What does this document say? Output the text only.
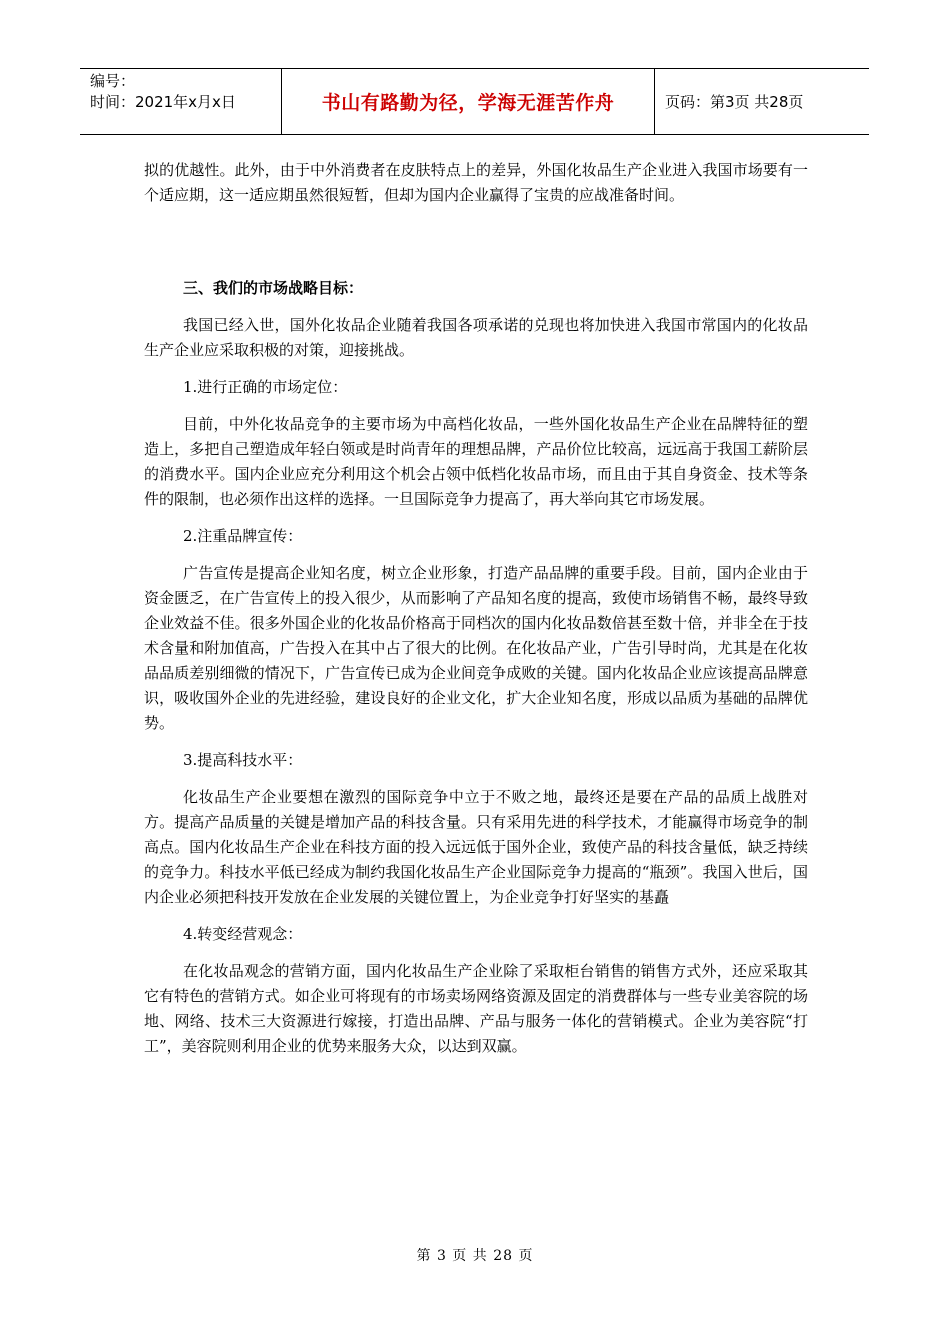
编号：
时间：2021年x月x日	书山有路勤为径，学海无涯苦作舟	页码：第3页 共28页

拟的优越性。此外，由于中外消费者在皮肤特点上的差异，外国化妆品生产企业进入我国市场要有一个适应期，这一适应期虽然很短暂，但却为国内企业赢得了宝贵的应战准备时间。

三、我们的市场战略目标：

我国已经入世，国外化妆品企业随着我国各项承诺的兑现也将加快进入我国市常国内的化妆品生产企业应采取积极的对策，迎接挑战。

1.进行正确的市场定位：

目前，中外化妆品竞争的主要市场为中高档化妆品，一些外国化妆品生产企业在品牌特征的塑造上，多把自己塑造成年轻白领或是时尚青年的理想品牌，产品价位比较高，远远高于我国工薪阶层的消费水平。国内企业应充分利用这个机会占领中低档化妆品市场，而且由于其自身资金、技术等条件的限制，也必须作出这样的选择。一旦国际竞争力提高了，再大举向其它市场发展。

2.注重品牌宣传：

广告宣传是提高企业知名度，树立企业形象，打造产品品牌的重要手段。目前，国内企业由于资金匮乏，在广告宣传上的投入很少，从而影响了产品知名度的提高，致使市场销售不畅，最终导致企业效益不佳。很多外国企业的化妆品价格高于同档次的国内化妆品数倍甚至数十倍，并非全在于技术含量和附加值高，广告投入在其中占了很大的比例。在化妆品产业，广告引导时尚，尤其是在化妆品品质差别细微的情况下，广告宣传已成为企业间竞争成败的关键。国内化妆品企业应该提高品牌意识，吸收国外企业的先进经验，建设良好的企业文化，扩大企业知名度，形成以品质为基础的品牌优势。

3.提高科技水平：

化妆品生产企业要想在激烈的国际竞争中立于不败之地，最终还是要在产品的品质上战胜对方。提高产品质量的关键是增加产品的科技含量。只有采用先进的科学技术，才能赢得市场竞争的制高点。国内化妆品生产企业在科技方面的投入远远低于国外企业，致使产品的科技含量低，缺乏持续的竞争力。科技水平低已经成为制约我国化妆品生产企业国际竞争力提高的“瓶颈”。我国入世后，国内企业必须把科技开发放在企业发展的关键位置上，为企业竞争打好坚实的基矗

4.转变经营观念：

在化妆品观念的营销方面，国内化妆品生产企业除了采取柜台销售的销售方式外，还应采取其它有特色的营销方式。如企业可将现有的市场卖场网络资源及固定的消费群体与一些专业美容院的场地、网络、技术三大资源进行嫁接，打造出品牌、产品与服务一体化的营销模式。企业为美容院“打工”，美容院则利用企业的优势来服务大众，以达到双赢。

第 3 页 共 28 页
